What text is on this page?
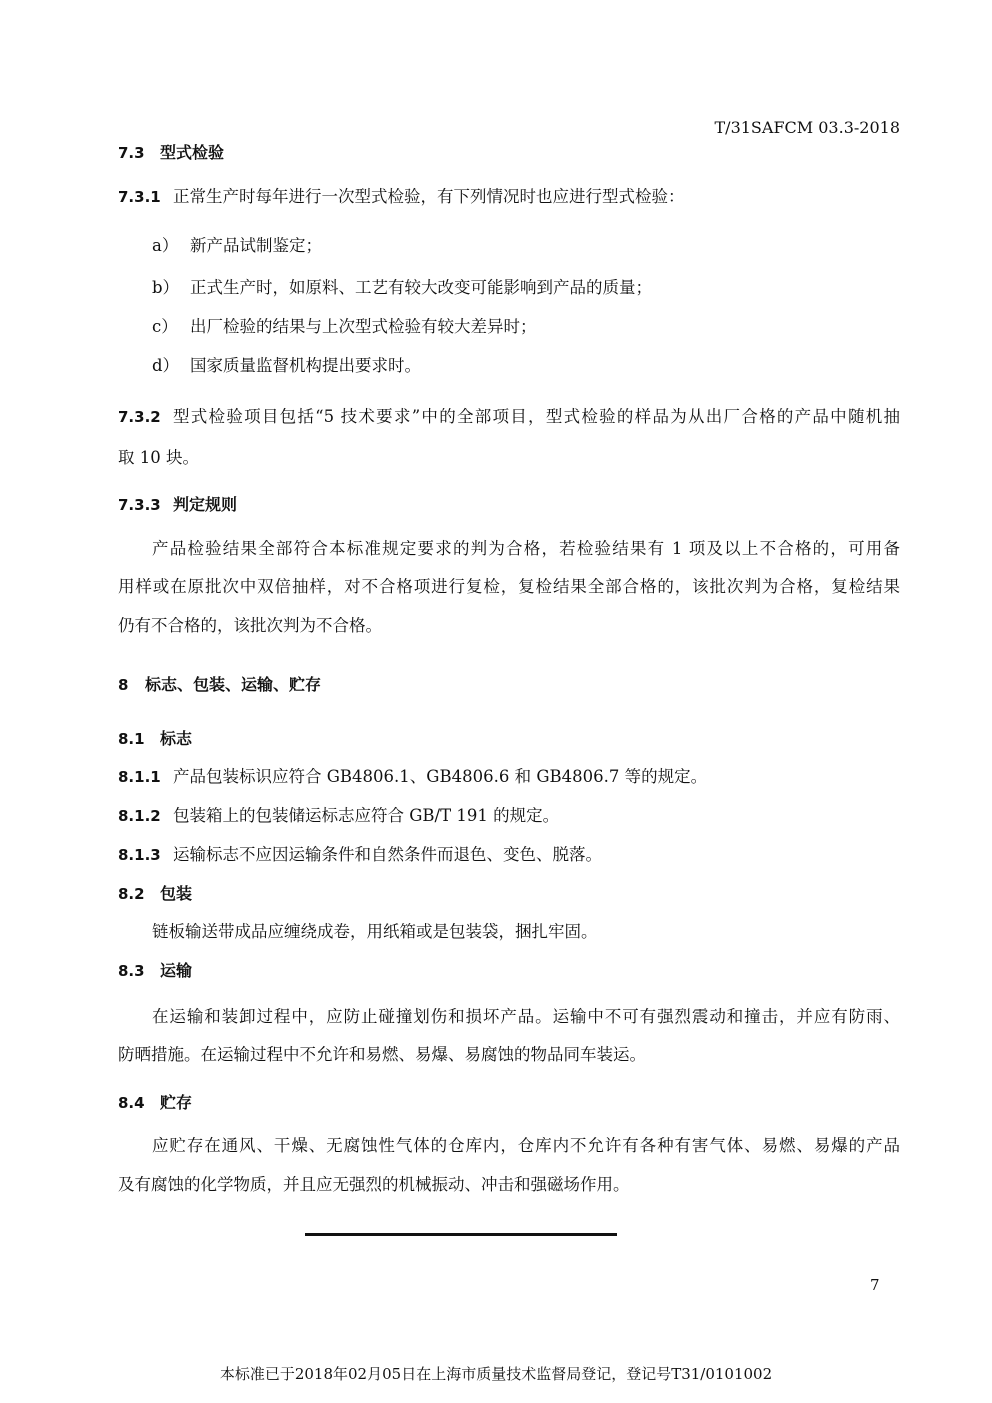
T/31SAFCM 03.3-2018
7.3 型式检验
7.3.1 正常生产时每年进行一次型式检验，有下列情况时也应进行型式检验：
a） 新产品试制鉴定；
b） 正式生产时，如原料、工艺有较大改变可能影响到产品的质量；
c） 出厂检验的结果与上次型式检验有较大差异时；
d） 国家质量监督机构提出要求时。
7.3.2 型式检验项目包括“5 技术要求”中的全部项目，型式检验的样品为从出厂合格的产品中随机抽
取 10 块。
7.3.3 判定规则
产品检验结果全部符合本标准规定要求的判为合格，若检验结果有 1 项及以上不合格的，可用备
用样或在原批次中双倍抽样，对不合格项进行复检，复检结果全部合格的，该批次判为合格，复检结果
仍有不合格的，该批次判为不合格。
8	标志、包装、运输、贮存
8.1 标志
8.1.1 产品包装标识应符合 GB4806.1、GB4806.6 和 GB4806.7 等的规定。
8.1.2 包装箱上的包装储运标志应符合 GB/T 191 的规定。
8.1.3 运输标志不应因运输条件和自然条件而退色、变色、脱落。
8.2 包装
链板输送带成品应缠绕成卷，用纸箱或是包装袋，捆扎牢固。
8.3 运输
在运输和装卸过程中，应防止碰撞划伤和损坏产品。运输中不可有强烈震动和撞击，并应有防雨、
防晒措施。在运输过程中不允许和易燃、易爆、易腐蚀的物品同车装运。
8.4 贮存
应贮存在通风、干燥、无腐蚀性气体的仓库内，仓库内不允许有各种有害气体、易燃、易爆的产品
及有腐蚀的化学物质，并且应无强烈的机械振动、冲击和强磁场作用。
7
本标准已于2018年02月05日在上海市质量技术监督局登记，登记号T31/0101002
